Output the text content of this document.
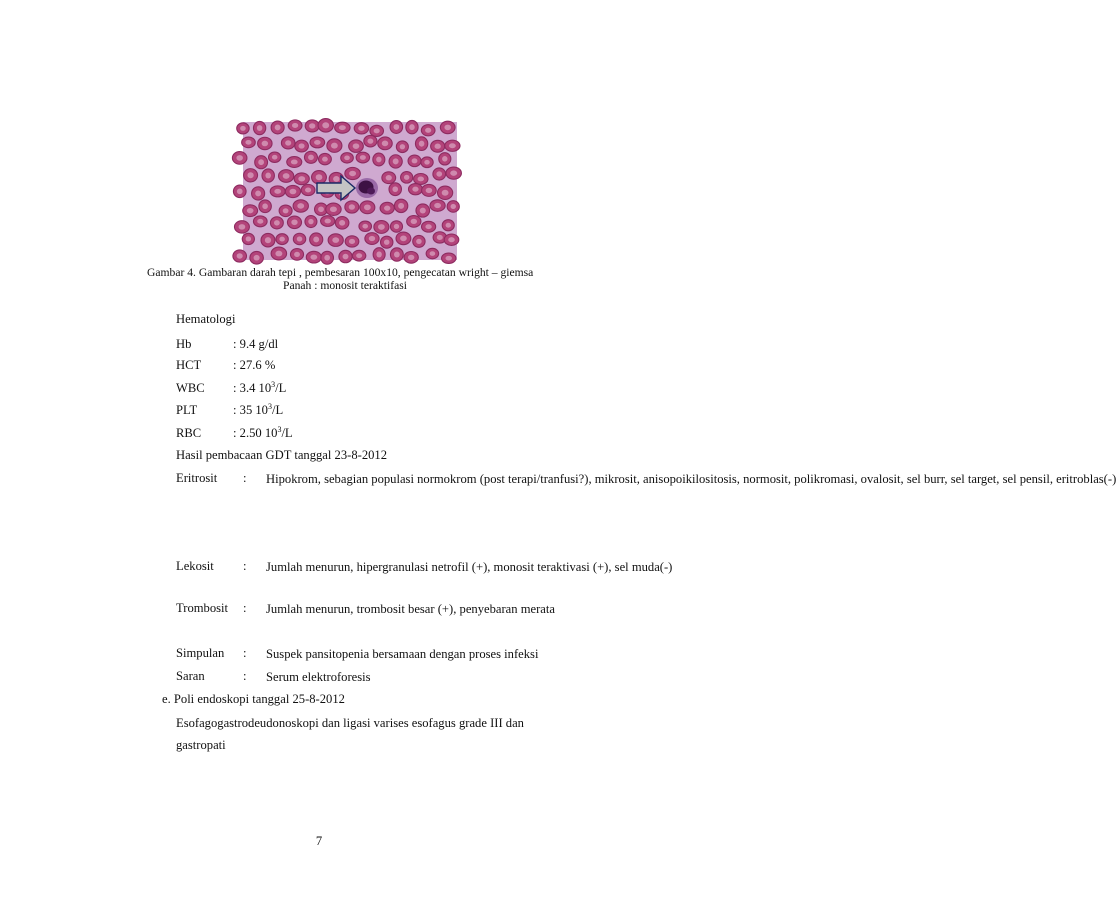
Gambar 4. Gambaran darah tepi , pembesaran 100x10, pengecatan wright – giemsa
Panah : monosit teraktifasi
Hematologi
Hb	: 9.4 g/dl
HCT	: 27.6 %
WBC : 3.4 $10^3/L$
PLT	: 35 $10^3/L$
RBC	: 2.50 $10^3/L$
Hasil pembacaan GDT tanggal 23-8-2012
Eritrosit : Hipokrom, sebagian populasi normokrom (post terapi/tranfusi?), mikrosit, anisopoikilositosis, normosit, polikromasi, ovalosit, sel burr, sel target, sel pensil, eritroblas(-)
Lekosit : Jumlah menurun, hipergranulasi netrofil (+), monosit teraktivasi (+), sel muda(-)
Trombosit : Jumlah menurun, trombosit besar (+), penyebaran merata
Simpulan : Suspek pansitopenia bersamaan dengan proses infeksi
Saran	: Serum elektroforesis
e. Poli endoskopi tanggal 25-8-2012
Esofagogastrodeudonoskopi dan ligasi varises esofagus grade III dan
gastropati
7
